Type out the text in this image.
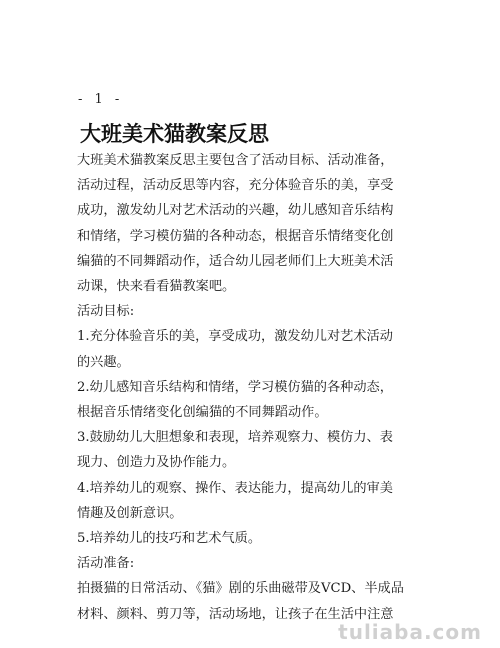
- 1 -
大班美术猫教案反思
大班美术猫教案反思主要包含了活动目标、活动准备，
活动过程，活动反思等内容，充分体验音乐的美，享受
成功，激发幼儿对艺术活动的兴趣，幼儿感知音乐结构
和情绪，学习模仿猫的各种动态，根据音乐情绪变化创
编猫的不同舞蹈动作，适合幼儿园老师们上大班美术活
动课，快来看看猫教案吧。
活动目标:
1.充分体验音乐的美，享受成功，激发幼儿对艺术活动
的兴趣。
2.幼儿感知音乐结构和情绪，学习模仿猫的各种动态，
根据音乐情绪变化创编猫的不同舞蹈动作。
3.鼓励幼儿大胆想象和表现，培养观察力、模仿力、表
现力、创造力及协作能力。
4.培养幼儿的观察、操作、表达能力，提高幼儿的审美
情趣及创新意识。
5.培养幼儿的技巧和艺术气质。
活动准备:
拍摄猫的日常活动、《猫》剧的乐曲磁带及VCD、半成品
材料、颜料、剪刀等，活动场地，让孩子在生活中注意
tuliaba.com
